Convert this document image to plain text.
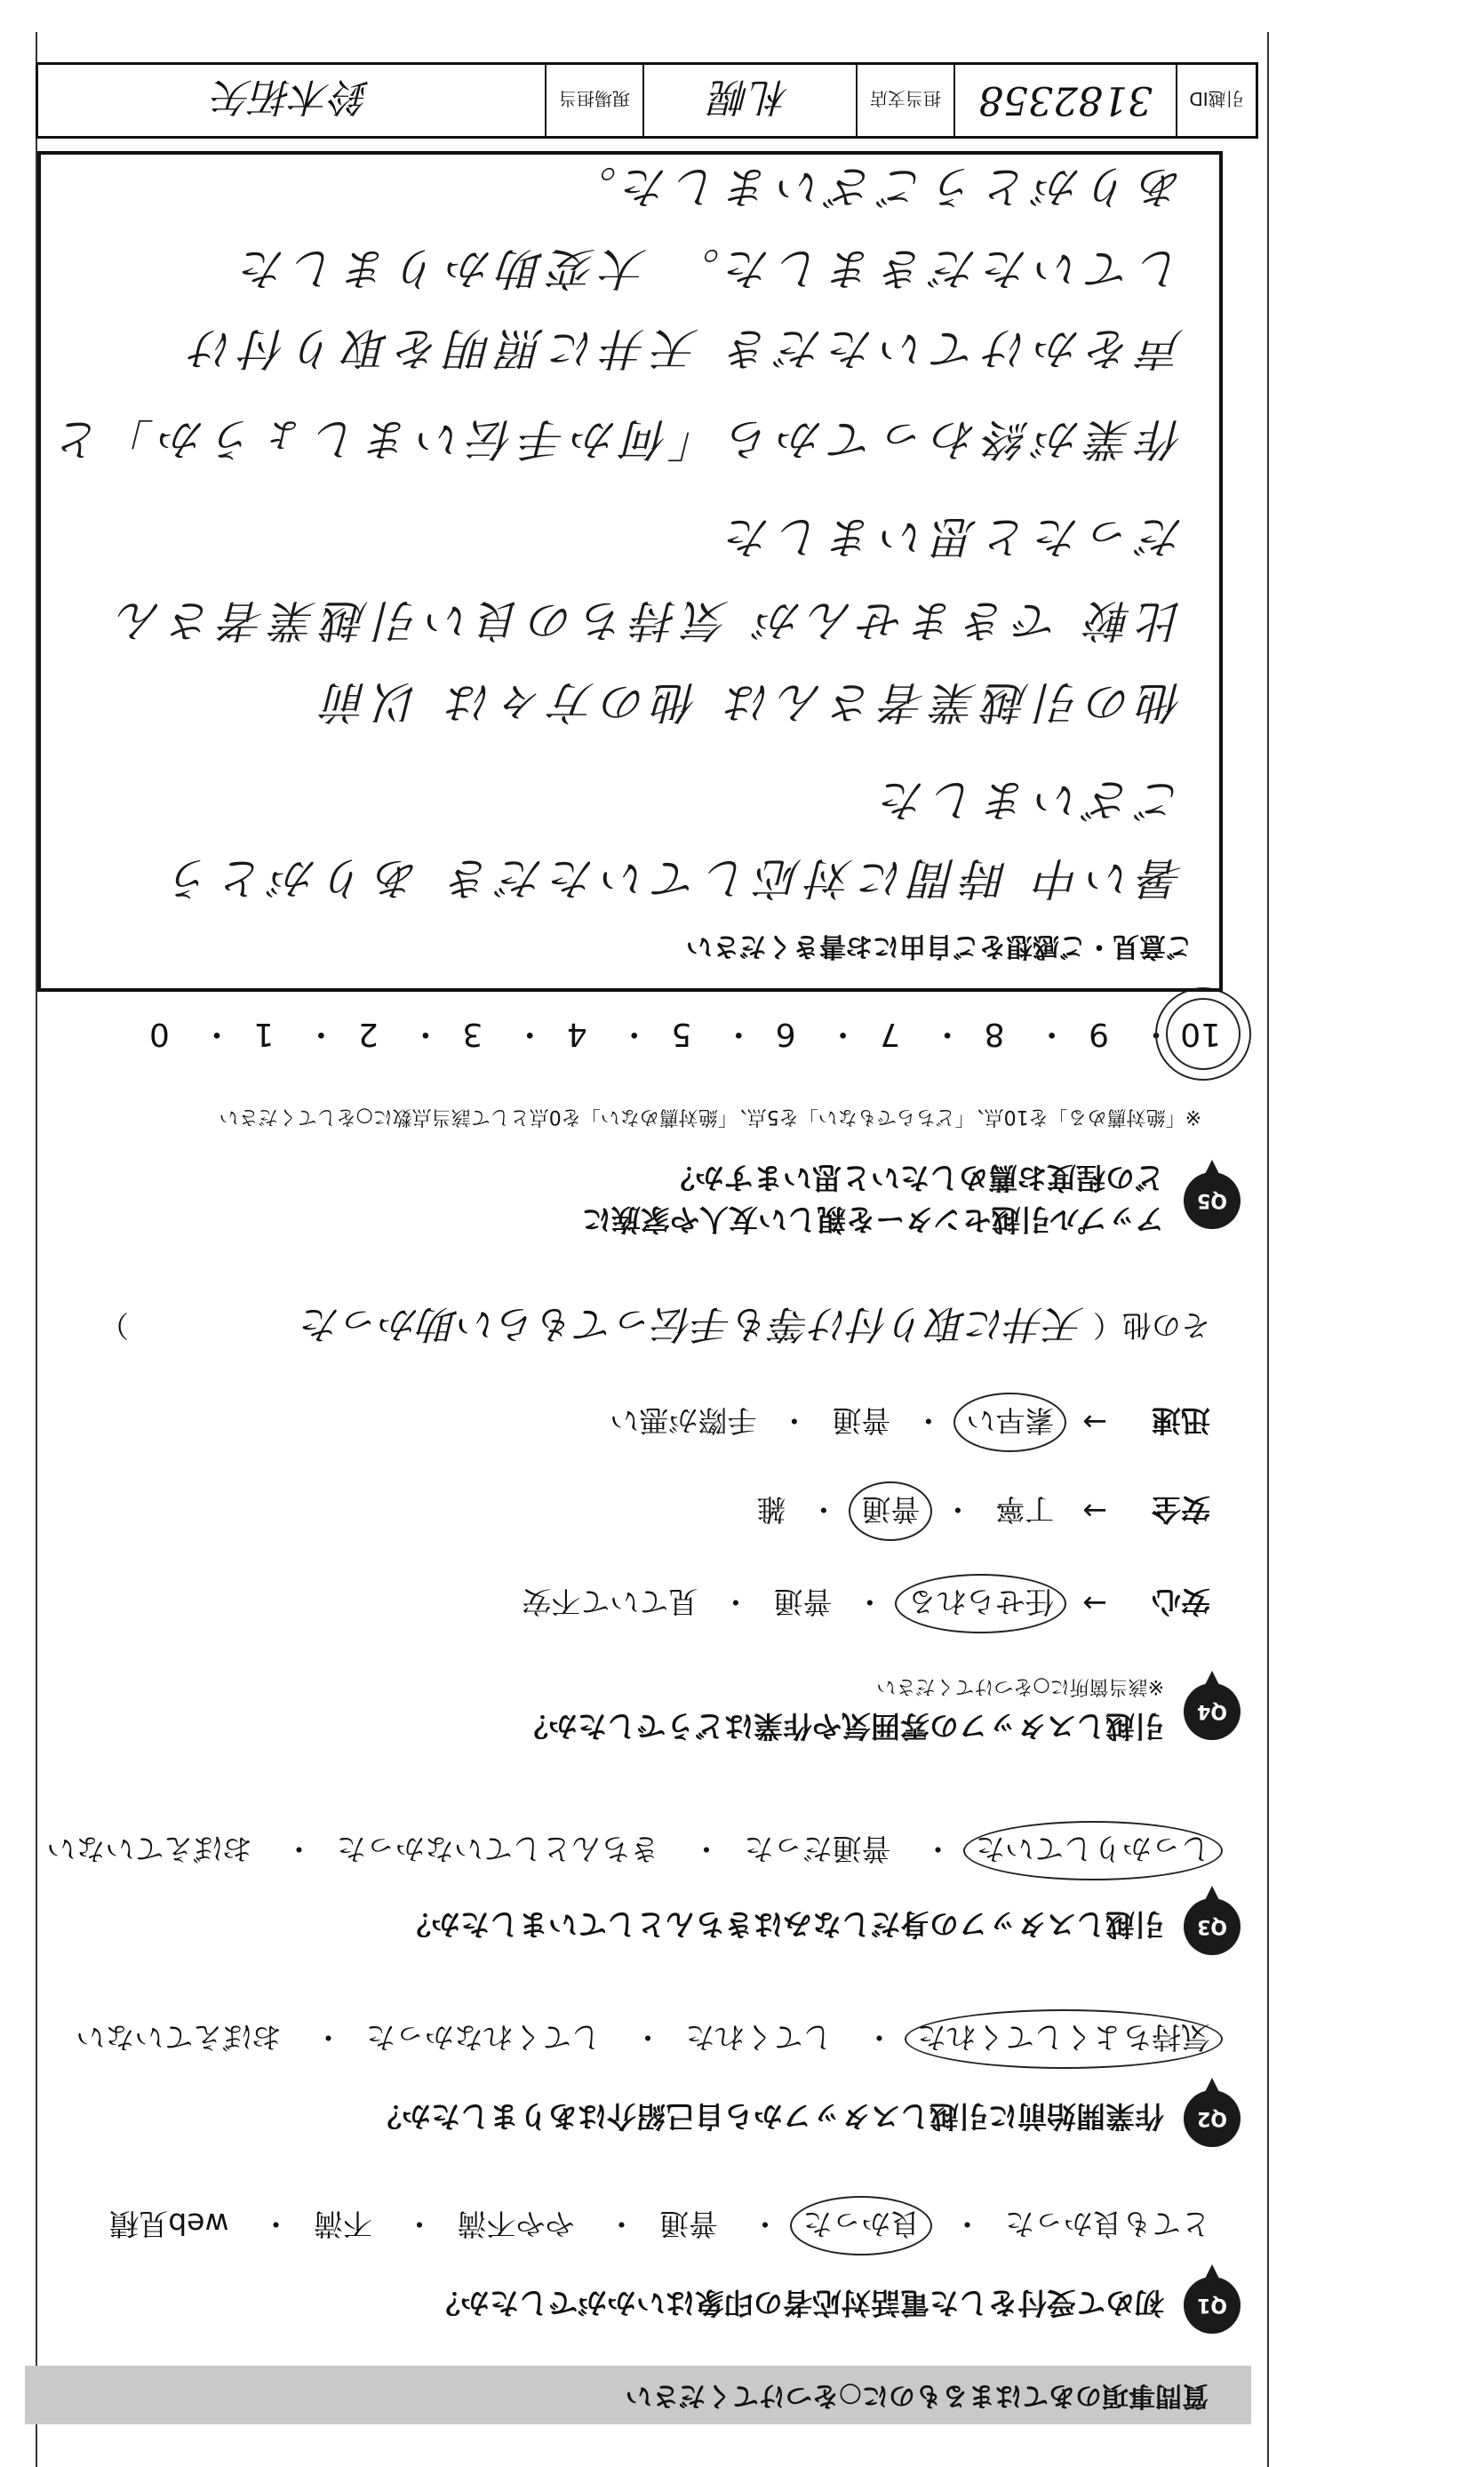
質問事項のあてはまるものに○をつけてください
Q1
初めて受付をした電話対応者の印象はいかがでしたか？
とても良かった・ 良かった・ 普通・ やや不満・ 不満・ web見積
Q2
作業開始前に引越しスタッフから自己紹介はありましたか？
気持ちよくしてくれた・ してくれた・ してくれなかった・ おぼえていない
Q3
引越しスタッフの身だしなみはきちんとしていましたか？
しっかりしていた・ 普通だった・ きちんとしていなかった・ おぼえていない
Q4
引越しスタッフの雰囲気や作業はどうでしたか？
※該当箇所に○をつけてください
安心
→
任せられる
・
普通
・
見ていて不安
安全
→
丁寧
・
普通
・
雑
迅速
→
素早い
・
普通
・
手際が悪い
その他（
天井に取り付け等も手伝ってもらい助かった
）
Q5
アップル引越センターを親しい友人や家族に
どの程度お薦めしたいと思いますか？
※「絶対薦める」を10点、「どちらでもない」を5点、「絶対薦めない」を0点として該当点数に○をしてください
10・ 9・ 8・ 7・ 6・ 5・ 4・ 3・ 2・ 1・ 0
ご意見・ご感想をご自由にお書きください
暑い中 時間に対応していただき ありがとう
ございました
他の引越業者さんは 他の方々は 以前
比較 できませんが 気持ちの良い引越業者さん
だったと思いました
作業が終わってから「何か手伝いましょうか」と
声をかけていただき 天井に照明を取り付け
していただきました。 大変助かりました
ありがとうございました。
引越ID
3182358
担当支店
札幌
現場担当
鈴木拓矢
